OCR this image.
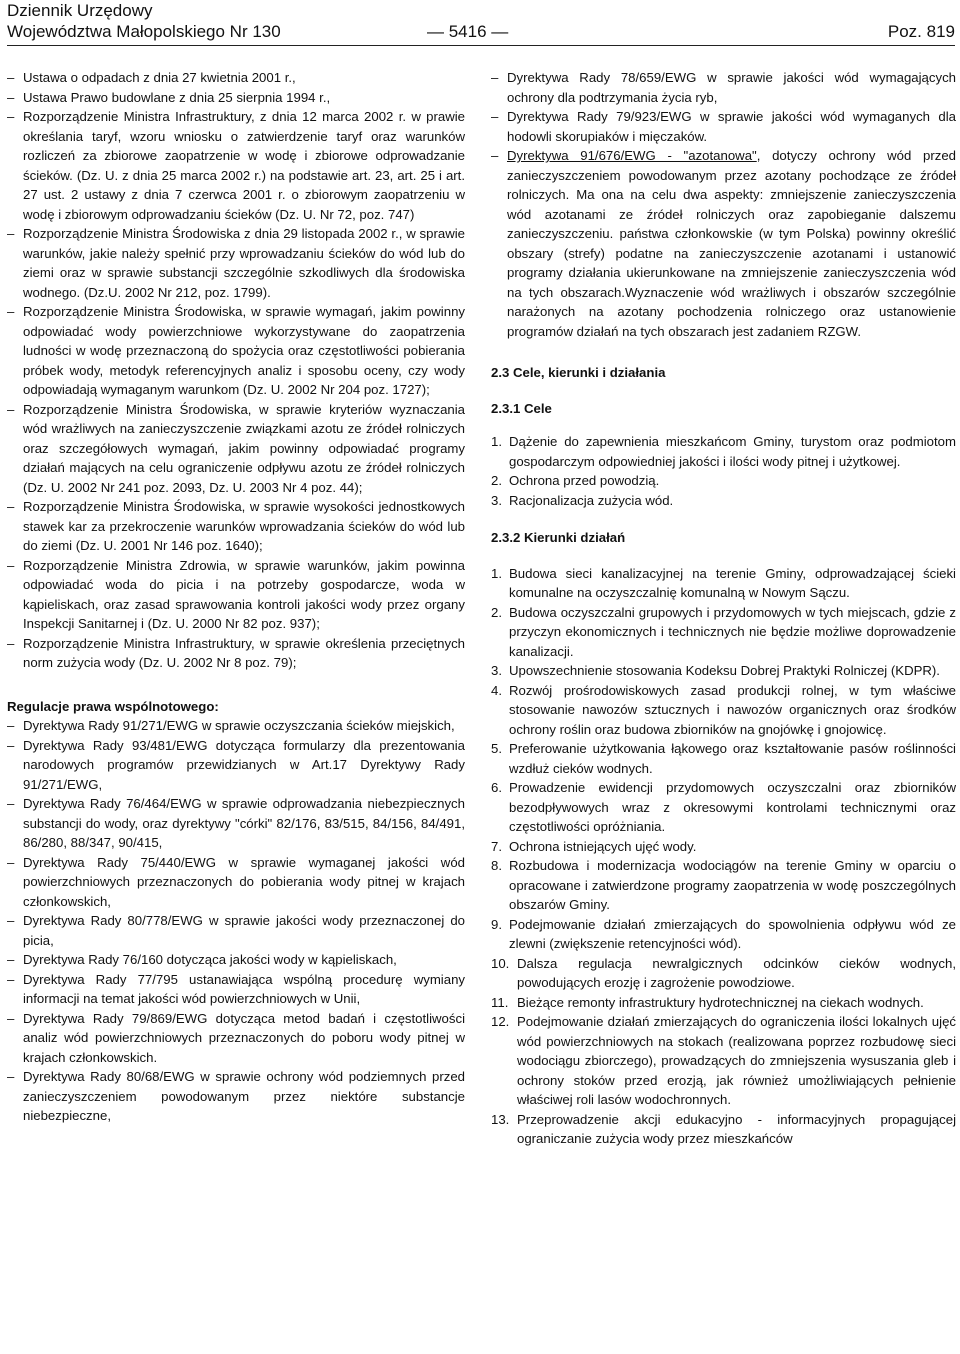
Dziennik Urzędowy
Województwa Małopolskiego Nr 130	— 5416 —	Poz. 819
– Ustawa o odpadach z dnia 27 kwietnia 2001 r.,
– Ustawa Prawo budowlane z dnia 25 sierpnia 1994 r.,
– Rozporządzenie Ministra Infrastruktury, z dnia 12 marca 2002 r. w prawie określania taryf, wzoru wniosku o zatwierdzenie taryf oraz warunków rozliczeń za zbiorowe zaopatrzenie w wodę i zbiorowe odprowadzanie ścieków. (Dz. U. z dnia 25 marca 2002 r.) na podstawie art. 23, art. 25 i art. 27 ust. 2 ustawy z dnia 7 czerwca 2001 r. o zbiorowym zaopatrzeniu w wodę i zbiorowym odprowadzaniu ścieków (Dz. U. Nr 72, poz. 747)
– Rozporządzenie Ministra Środowiska z dnia 29 listopada 2002 r., w sprawie warunków, jakie należy spełnić przy wprowadzaniu ścieków do wód lub do ziemi oraz w sprawie substancji szczególnie szkodliwych dla środowiska wodnego. (Dz.U. 2002 Nr 212, poz. 1799).
– Rozporządzenie Ministra Środowiska, w sprawie wymagań, jakim powinny odpowiadać wody powierzchniowe wykorzystywane do zaopatrzenia ludności w wodę przeznaczoną do spożycia oraz częstotliwości pobierania próbek wody, metodyk referencyjnych analiz i sposobu oceny, czy wody odpowiadają wymaganym warunkom (Dz. U. 2002 Nr 204 poz. 1727);
– Rozporządzenie Ministra Środowiska, w sprawie kryteriów wyznaczania wód wrażliwych na zanieczyszczenie związkami azotu ze źródeł rolniczych oraz szczegółowych wymagań, jakim powinny odpowiadać programy działań mających na celu ograniczenie odpływu azotu ze źródeł rolniczych (Dz. U. 2002 Nr 241 poz. 2093, Dz. U. 2003 Nr 4 poz. 44);
– Rozporządzenie Ministra Środowiska, w sprawie wysokości jednostkowych stawek kar za przekroczenie warunków wprowadzania ścieków do wód lub do ziemi (Dz. U. 2001 Nr 146 poz. 1640);
– Rozporządzenie Ministra Zdrowia, w sprawie warunków, jakim powinna odpowiadać woda do picia i na potrzeby gospodarcze, woda w kąpieliskach, oraz zasad sprawowania kontroli jakości wody przez organy Inspekcji Sanitarnej i (Dz. U. 2000 Nr 82 poz. 937);
– Rozporządzenie Ministra Infrastruktury, w sprawie określenia przeciętnych norm zużycia wody (Dz. U. 2002 Nr 8 poz. 79);
Regulacje prawa wspólnotowego:
– Dyrektywa Rady 91/271/EWG w sprawie oczyszczania ścieków miejskich,
– Dyrektywa Rady 93/481/EWG dotycząca formularzy dla prezentowania narodowych programów przewidzianych w Art.17 Dyrektywy Rady 91/271/EWG,
– Dyrektywa Rady 76/464/EWG w sprawie odprowadzania niebezpiecznych substancji do wody, oraz dyrektywy "córki" 82/176, 83/515, 84/156, 84/491, 86/280, 88/347, 90/415,
– Dyrektywa Rady 75/440/EWG w sprawie wymaganej jakości wód powierzchniowych przeznaczonych do pobierania wody pitnej w krajach członkowskich,
– Dyrektywa Rady 80/778/EWG w sprawie jakości wody przeznaczonej do picia,
– Dyrektywa Rady 76/160 dotycząca jakości wody w kąpieliskach,
– Dyrektywa Rady 77/795 ustanawiająca wspólną procedurę wymiany informacji na temat jakości wód powierzchniowych w Unii,
– Dyrektywa Rady 79/869/EWG dotycząca metod badań i częstotliwości analiz wód powierzchniowych przeznaczonych do poboru wody pitnej w krajach członkowskich.
– Dyrektywa Rady 80/68/EWG w sprawie ochrony wód podziemnych przed zanieczyszczeniem powodowanym przez niektóre substancje niebezpieczne,
– Dyrektywa Rady 78/659/EWG w sprawie jakości wód wymagających ochrony dla podtrzymania życia ryb,
– Dyrektywa Rady 79/923/EWG w sprawie jakości wód wymaganych dla hodowli skorupiaków i mięczaków.
– Dyrektywa 91/676/EWG - "azotanowa", dotyczy ochrony wód przed zanieczyszczeniem powodowanym przez azotany pochodzące ze źródeł rolniczych. Ma ona na celu dwa aspekty: zmniejszenie zanieczyszczenia wód azotanami ze źródeł rolniczych oraz zapobieganie dalszemu zanieczyszczeniu. państwa członkowskie (w tym Polska) powinny określić obszary (strefy) podatne na zanieczyszczenie azotanami i ustanowić programy działania ukierunkowane na zmniejszenie zanieczyszczenia wód na tych obszarach.Wyznaczenie wód wrażliwych i obszarów szczególnie narażonych na azotany pochodzenia rolniczego oraz ustanowienie programów działań na tych obszarach jest zadaniem RZGW.
2.3 Cele, kierunki i działania
2.3.1 Cele
1. Dążenie do zapewnienia mieszkańcom Gminy, turystom oraz podmiotom gospodarczym odpowiedniej jakości i ilości wody pitnej i użytkowej.
2. Ochrona przed powodzią.
3. Racjonalizacja zużycia wód.
2.3.2 Kierunki działań
1. Budowa sieci kanalizacyjnej na terenie Gminy, odprowadzającej ścieki komunalne na oczyszczalnię komunalną w Nowym Sączu.
2. Budowa oczyszczalni grupowych i przydomowych w tych miejscach, gdzie z przyczyn ekonomicznych i technicznych nie będzie możliwe doprowadzenie kanalizacji.
3. Upowszechnienie stosowania Kodeksu Dobrej Praktyki Rolniczej (KDPR).
4. Rozwój prośrodowiskowych zasad produkcji rolnej, w tym właściwe stosowanie nawozów sztucznych i nawozów organicznych oraz środków ochrony roślin oraz budowa zbiorników na gnojówkę i gnojowicę.
5. Preferowanie użytkowania łąkowego oraz kształtowanie pasów roślinności wzdłuż cieków wodnych.
6. Prowadzenie ewidencji przydomowych oczyszczalni oraz zbiorników bezodpływowych wraz z okresowymi kontrolami technicznymi oraz częstotliwości opróżniania.
7. Ochrona istniejących ujęć wody.
8. Rozbudowa i modernizacja wodociągów na terenie Gminy w oparciu o opracowane i zatwierdzone programy zaopatrzenia w wodę poszczególnych obszarów Gminy.
9. Podejmowanie działań zmierzających do spowolnienia odpływu wód ze zlewni (zwiększenie retencyjności wód).
10. Dalsza regulacja newralgicznych odcinków cieków wodnych, powodujących erozję i zagrożenie powodziowe.
11. Bieżące remonty infrastruktury hydrotechnicznej na ciekach wodnych.
12. Podejmowanie działań zmierzających do ograniczenia ilości lokalnych ujęć wód powierzchniowych na stokach (realizowana poprzez rozbudowę sieci wodociągu zbiorczego), prowadzących do zmniejszenia wysuszania gleb i ochrony stoków przed erozją, jak również umożliwiających pełnienie właściwej roli lasów wodochronnych.
13. Przeprowadzenie akcji edukacyjno - informacyjnych propagującej ograniczanie zużycia wody przez mieszkańców
